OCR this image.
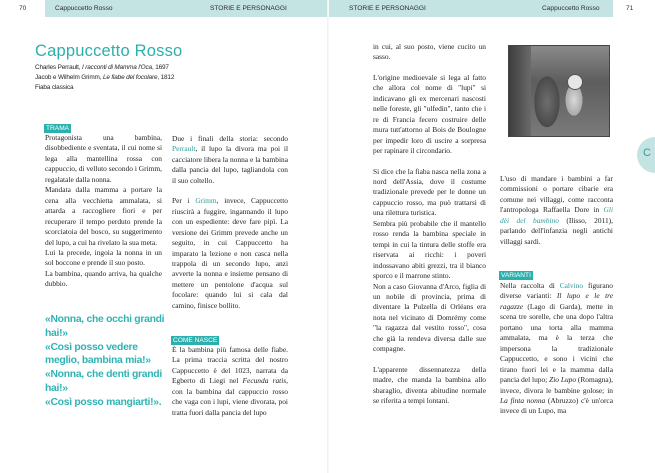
70	Cappuccetto Rosso	STORIE E PERSONAGGI	STORIE E PERSONAGGI	Cappuccetto Rosso	71
Cappuccetto Rosso
Charles Perrault, I racconti di Mamma l'Oca, 1697
Jacob e Wilhelm Grimm, Le fiabe del focolare, 1812
Fiaba classica
TRAMA

Protagonista una bambina, disobbediente e sventata, il cui nome si lega alla mantellina rossa con cappuccio, di velluto secondo i Grimm, regalatale dalla nonna.

Mandata dalla mamma a portare la cena alla vecchietta ammalata, si attarda a raccogliere fiori e per recuperare il tempo perduto prende la scorciatoia del bosco, su suggerimento del lupo, a cui ha rivelato la sua meta.

Lui la precede, ingoia la nonna in un sol boccone e prende il suo posto.

La bambina, quando arriva, ha qualche dubbio.

«Nonna, che occhi grandi hai!»

«Così posso vedere meglio, bambina mia!»

«Nonna, che denti grandi hai!»

«Così posso mangiarti!».

Due i finali della storia: secondo Perrault, il lupo la divora ma poi il cacciatore libera la nonna e la bambina dalla pancia del lupo, tagliandola con il suo coltello.

Per i Grimm, invece, Cappuccetto riuscirà a fuggire, ingannando il lupo con un espediente: deve fare pipì. La versione dei Grimm prevede anche un seguito, in cui Cappuccetto ha imparato la lezione e non casca nella trappola di un secondo lupo, anzi avverte la nonna e insieme pensano di mettere un pentolone d'acqua sul focolare: quando lui si cala dal camino, finisce bollito.

COME NASCE

È la bambina più famosa delle fiabe. La prima traccia scritta del nostro Cappuccetto è del 1023, narrata da Egberto di Liegi nel Fecunda ratis, con la bambina dal cappuccio rosso che vaga con i lupi, viene divorata, poi tratta fuori dalla pancia del lupo

in cui, al suo posto, viene cucito un sasso.

L'origine medioevale si lega al fatto che allora col nome di "lupi" si indicavano gli ex mercenari nascosti nelle foreste, gli "ulfedin", tanto che i re di Francia fecero costruire delle mura tutt'attorno al Bois de Boulogne per impedir loro di uscire a sorpresa per rapinare il circondario.

Si dice che la fiaba nasca nella zona a nord dell'Assia, dove il costume tradizionale prevede per le donne un cappuccio rosso, ma può trattarsi di una rilettura turistica.

Sembra più probabile che il mantello rosso renda la bambina speciale in tempi in cui la tintura delle stoffe era riservata ai ricchi: i poveri indossavano abiti grezzi, tra il bianco sporco e il marrone stinto.

Non a caso Giovanna d'Arco, figlia di un nobile di provincia, prima di diventare la Pulzella di Orléans era nota nel vicinato di Domrémy come "la ragazza dal vestito rosso", cosa che già la rendeva diversa dalle sue compagne.

L'apparente dissennatezza della madre, che manda la bambina allo sbaraglio, diventa abitudine normale se riferita a tempi lontani.

C

L'uso di mandare i bambini a far commissioni o portare cibarie era comune nei villaggi, come racconta l'antropologa Raffaella Dore in Gli dèi del bambino (Ilisso, 2011), parlando dell'infanzia negli antichi villaggi sardi.

VARIANTI

Nella raccolta di Calvino figurano diverse varianti: Il lupo e le tre ragazze (Lago di Garda), mette in scena tre sorelle, che una dopo l'altra portano una torta alla mamma ammalata, ma è la terza che impersona la tradizionale Cappuccetto, e sono i vicini che tirano fuori lei e la mamma dalla pancia del lupo; Zio Lupo (Romagna), invece, divora le bambine golose; in La finta nonna (Abruzzo) c'è un'orca invece di un Lupo, ma
